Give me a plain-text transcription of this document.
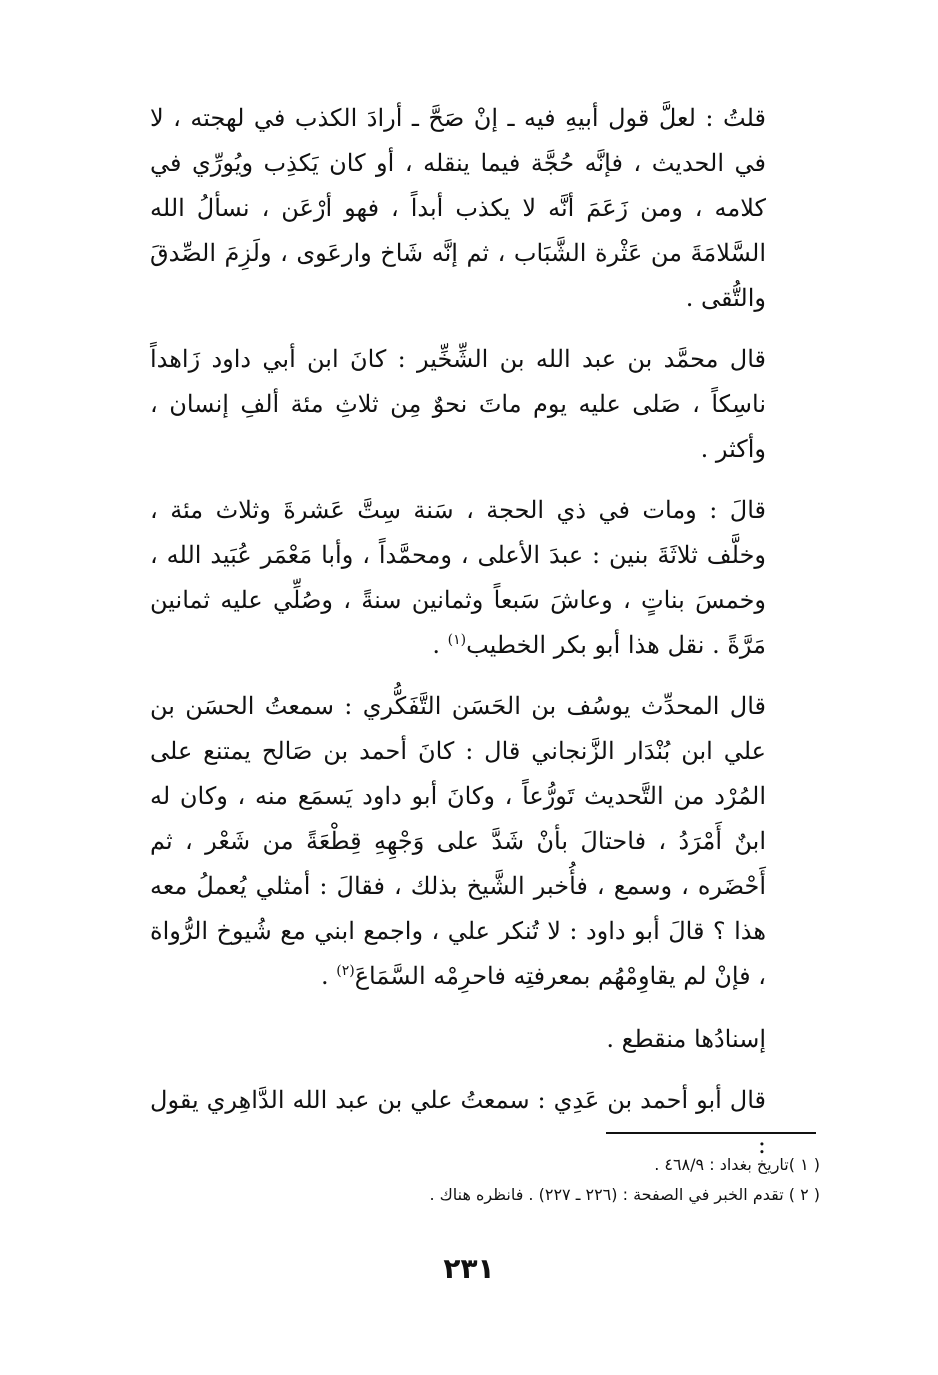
قلتُ : لعلَّ قول أبيهِ فيه ـ إنْ صَحَّ ـ أرادَ الكذب في لهجته ، لا في الحديث ، فإنَّه حُجَّة فيما ينقله ، أو كان يَكذِب ويُورِّي في كلامه ، ومن زَعَمَ أنَّه لا يكذب أبداً ، فهو أرْعَن ، نسألُ الله السَّلامَةَ من عَثْرة الشَّبَاب ، ثم إنَّه شَاخ وارعَوى ، ولَزِمَ الصِّدقَ والتُّقى .

قال محمَّد بن عبد الله بن الشِّخِّير : كانَ ابن أبي داود زَاهداً ناسِكاً ، صَلى عليه يوم ماتَ نحوٌ مِن ثلاثِ مئة ألفِ إنسان ، وأكثر .

قالَ : ومات في ذي الحجة ، سَنة سِتَّ عَشرةَ وثلاث مئة ، وخلَّف ثلاثَةَ بنين : عبدَ الأعلى ، ومحمَّداً ، وأبا مَعْمَر عُبَيد الله ، وخمسَ بناتٍ ، وعاشَ سَبعاً وثمانين سنةً ، وصُلِّي عليه ثمانين مَرَّةً . نقل هذا أبو بكر الخطيب$^{(١)}$ .

قال المحدِّث يوسُف بن الحَسَن التَّفَكُّري : سمعتُ الحسَن بن علي ابن بُنْدَار الزَّنجاني قال : كانَ أحمد بن صَالح يمتنع على المُرْد من التَّحديث تَورُّعاً ، وكانَ أبو داود يَسمَع منه ، وكان له ابنٌ أَمْرَدُ ، فاحتالَ بأنْ شَدَّ على وَجْهِهِ قِطْعَةً من شَعْر ، ثم أَحْضَره ، وسمع ، فأُخبر الشَّيخ بذلك ، فقالَ : أمثلي يُعملُ معه هذا ؟ قالَ أبو داود : لا تُنكر علي ، واجمع ابني مع شُيوخ الرُّواة ، فإنْ لم يقاوِمْهُم بمعرفتِه فاحرِمْه السَّمَاعَ$^{(٢)}$ .

إسنادُها منقطع .

قال أبو أحمد بن عَدِي : سمعتُ علي بن عبد الله الدَّاهِري يقول :

( ١ )تاريخ بغداد : ٤٦٨/٩ .
( ٢ ) تقدم الخبر في الصفحة : (٢٢٦ ـ ٢٢٧) . فانظره هناك .
٢٣١
